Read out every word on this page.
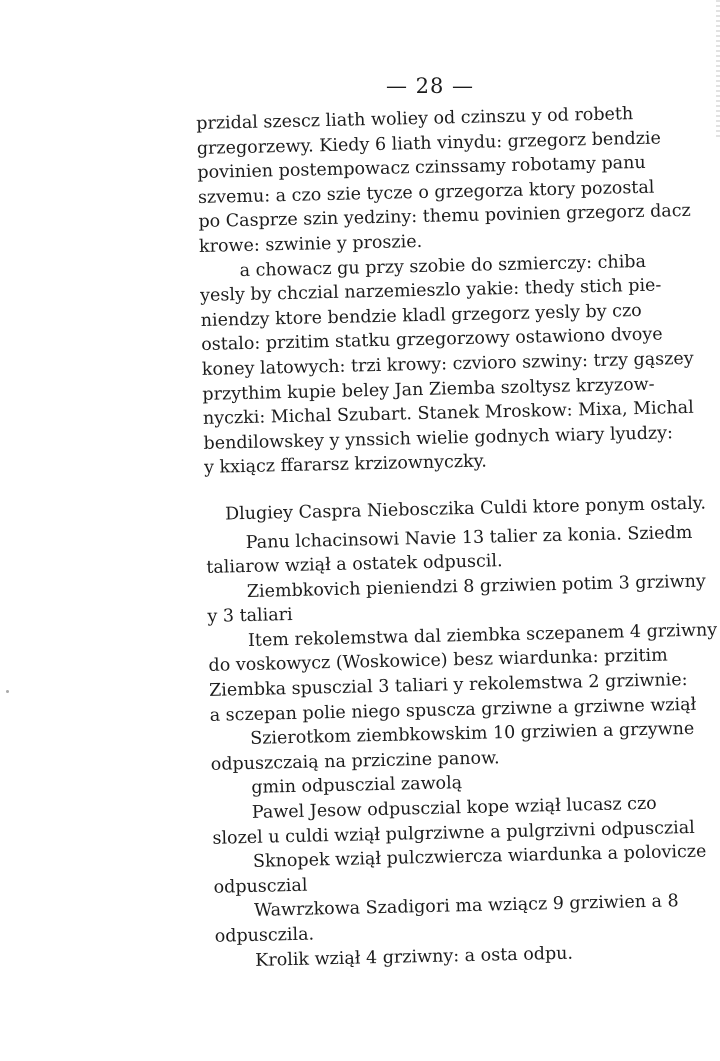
— 28 —
przidal szescz liath woliey od czinszu y od robeth
grzegorzewy. Kiedy 6 liath vinydu: grzegorz bendzie
povinien postempowacz czinssamy robotamy panu
szvemu: a czo szie tycze o grzegorza ktory pozostal
po Casprze szin yedziny: themu povinien grzegorz dacz
krowe: szwinie y proszie.
a chowacz gu przy szobie do szmierczy: chiba
yesly by chczial narzemieszlo yakie: thedy stich pie-
niendzy ktore bendzie kladl grzegorz yesly by czo
ostalo: przitim statku grzegorzowy ostawiono dvoye
koney latowych: trzi krowy: czvioro szwiny: trzy gąszey
przythim kupie beley Jan Ziemba szoltysz krzyzow-
nyczki: Michal Szubart. Stanek Mroskow: Mixa, Michal
bendilowskey y ynssich wielie godnych wiary lyudzy:
y kxiącz ffararsz krzizownyczky.
Dlugiey Caspra Niebosczika Culdi ktore ponym ostaly.
Panu lchacinsowi Navie 13 talier za konia. Sziedm
taliarow wziął a ostatek odpuscil.
Ziembkovich pieniendzi 8 grziwien potim 3 grziwny
y 3 taliari
Item rekolemstwa dal ziembka sczepanem 4 grziwny
do voskowycz (Woskowice) besz wiardunka: przitim
Ziembka spusczial 3 taliari y rekolemstwa 2 grziwnie:
a sczepan polie niego spuscza grziwne a grziwne wziął
Szierotkom ziembkowskim 10 grziwien a grzywne
odpuszczaią na prziczine panow.
gmin odpusczial zawolą
Pawel Jesow odpusczial kope wziął lucasz czo
slozel u culdi wziął pulgrziwne a pulgrzivni odpusczial
Sknopek wziął pulczwiercza wiardunka a polovicze
odpusczial
Wawrzkowa Szadigori ma wziącz 9 grziwien a 8
odpusczila.
Krolik wziął 4 grziwny: a osta odpu.
